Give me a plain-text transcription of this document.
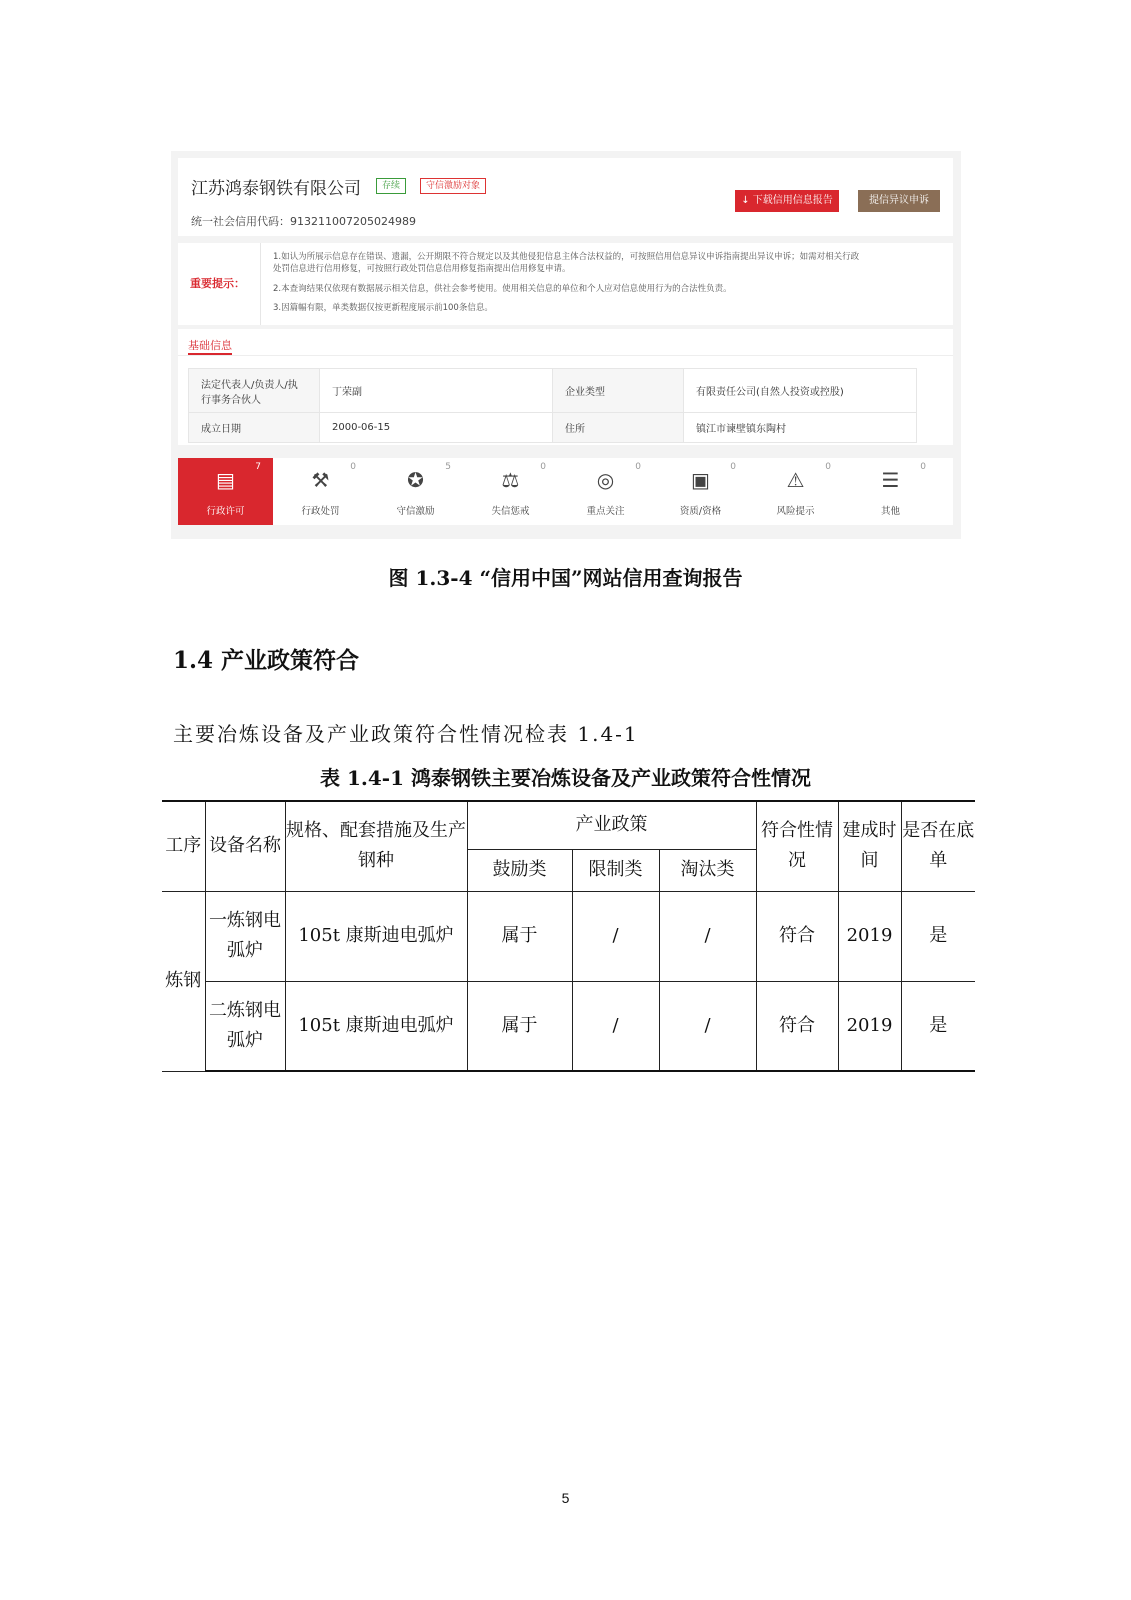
江苏鸿泰钢铁有限公司	存续	守信激励对象
统一社会信用代码：913211007205024989
↓ 下载信用信息报告	提信异议申诉
重要提示：
1.如认为所展示信息存在错误、遗漏，公开期限不符合规定以及其他侵犯信息主体合法权益的，可按照信用信息异议申诉指南提出异议申诉；如需对相关行政
处罚信息进行信用修复，可按照行政处罚信息信用修复指南提出信用修复申请。
2.本查询结果仅依现有数据展示相关信息，供社会参考使用。使用相关信息的单位和个人应对信息使用行为的合法性负责。
3.因篇幅有限，单类数据仅按更新程度展示前100条信息。
基础信息
法定代表人/负责人/执行事务合伙人	丁荣副	企业类型	有限责任公司(自然人投资或控股)
成立日期	2000-06-15	住所	镇江市谏壁镇东陶村
▤
7
行政许可
⚒
0
行政处罚
✪
5
守信激励
⚖
0
失信惩戒
◎
0
重点关注
▣
0
资质/资格
⚠
0
风险提示
☰
0
其他
图 1.3-4 “信用中国”网站信用查询报告
1.4 产业政策符合
主要冶炼设备及产业政策符合性情况检表 1.4-1
表 1.4-1 鸿泰钢铁主要冶炼设备及产业政策符合性情况
工序	设备名称	规格、配套措施及生产钢种	产业政策			符合性情况	建成时间	是否在底单
			鼓励类	限制类	淘汰类			
炼钢	一炼钢电弧炉	105t 康斯迪电弧炉	属于	/	/	符合	2019	是
	二炼钢电弧炉	105t 康斯迪电弧炉	属于	/	/	符合	2019	是
5
